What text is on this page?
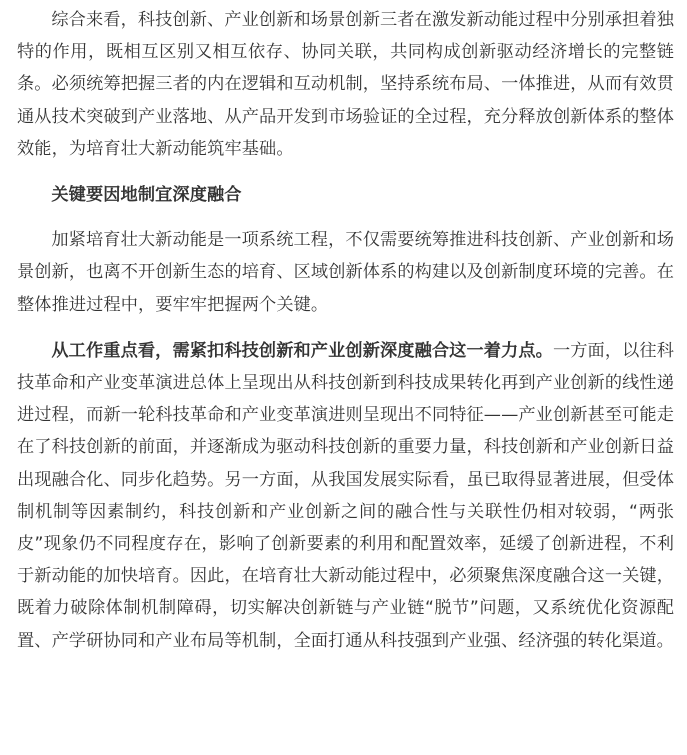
综合来看，科技创新、产业创新和场景创新三者在激发新动能过程中分别承担着独特的作用，既相互区别又相互依存、协同关联，共同构成创新驱动经济增长的完整链条。必须统筹把握三者的内在逻辑和互动机制，坚持系统布局、一体推进，从而有效贯通从技术突破到产业落地、从产品开发到市场验证的全过程，充分释放创新体系的整体效能，为培育壮大新动能筑牢基础。

关键要因地制宜深度融合

加紧培育壮大新动能是一项系统工程，不仅需要统筹推进科技创新、产业创新和场景创新，也离不开创新生态的培育、区域创新体系的构建以及创新制度环境的完善。在整体推进过程中，要牢牢把握两个关键。

从工作重点看，需紧扣科技创新和产业创新深度融合这一着力点。一方面，以往科技革命和产业变革演进总体上呈现出从科技创新到科技成果转化再到产业创新的线性递进过程，而新一轮科技革命和产业变革演进则呈现出不同特征——产业创新甚至可能走在了科技创新的前面，并逐渐成为驱动科技创新的重要力量，科技创新和产业创新日益出现融合化、同步化趋势。另一方面，从我国发展实际看，虽已取得显著进展，但受体制机制等因素制约，科技创新和产业创新之间的融合性与关联性仍相对较弱，“两张皮”现象仍不同程度存在，影响了创新要素的利用和配置效率，延缓了创新进程，不利于新动能的加快培育。因此，在培育壮大新动能过程中，必须聚焦深度融合这一关键，既着力破除体制机制障碍，切实解决创新链与产业链“脱节”问题，又系统优化资源配置、产学研协同和产业布局等机制，全面打通从科技强到产业强、经济强的转化渠道。
